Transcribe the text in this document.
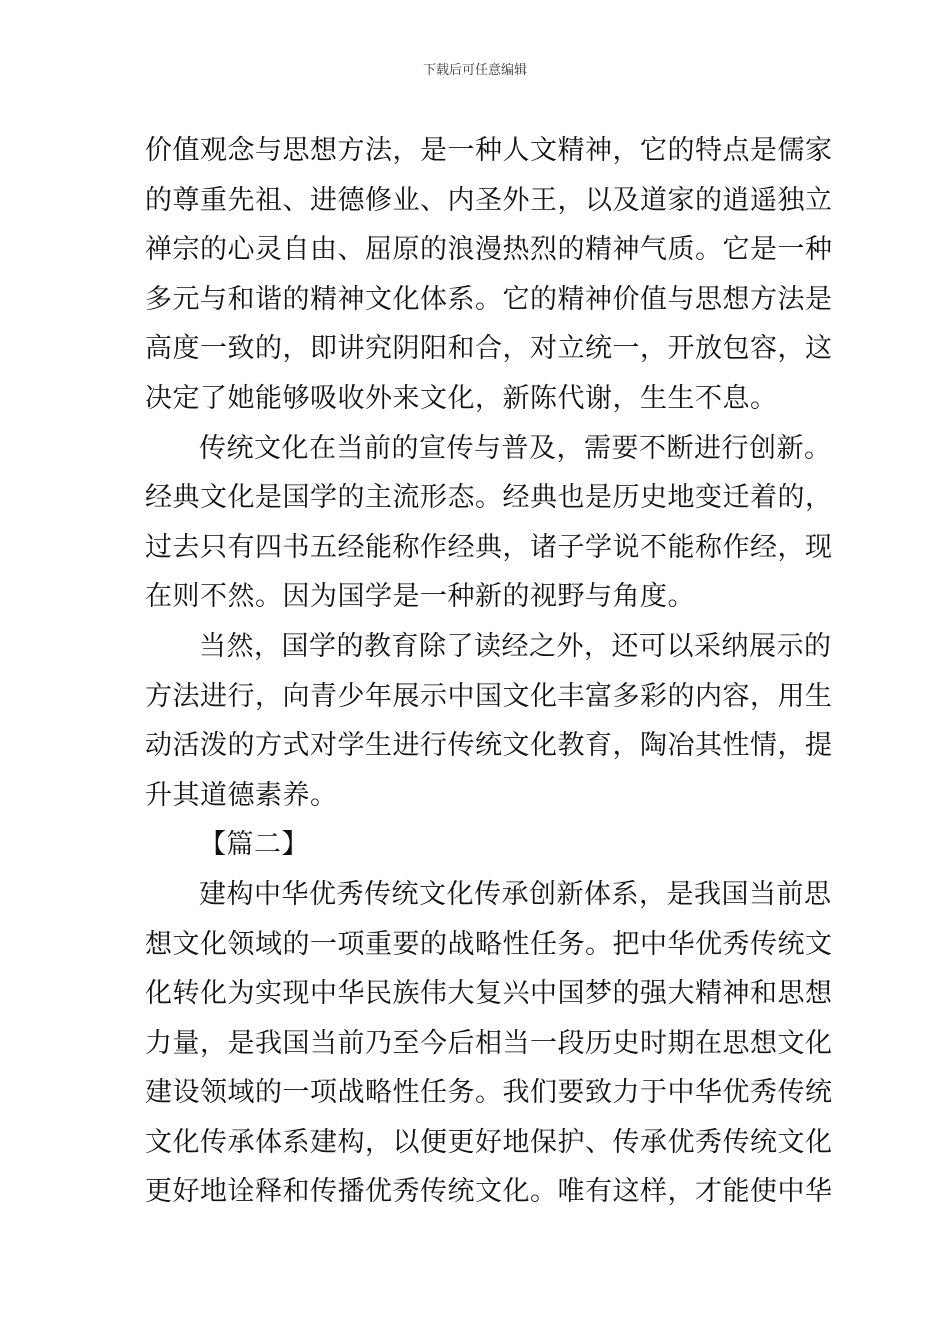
下载后可任意编辑
价值观念与思想方法，是一种人文精神，它的特点是儒家
的尊重先祖、进德修业、内圣外王，以及道家的逍遥独立
禅宗的心灵自由、屈原的浪漫热烈的精神气质。它是一种
多元与和谐的精神文化体系。它的精神价值与思想方法是
高度一致的，即讲究阴阳和合，对立统一，开放包容，这
决定了她能够吸收外来文化，新陈代谢，生生不息。
传统文化在当前的宣传与普及，需要不断进行创新。
经典文化是国学的主流形态。经典也是历史地变迁着的，
过去只有四书五经能称作经典，诸子学说不能称作经，现
在则不然。因为国学是一种新的视野与角度。
当然，国学的教育除了读经之外，还可以采纳展示的
方法进行，向青少年展示中国文化丰富多彩的内容，用生
动活泼的方式对学生进行传统文化教育，陶冶其性情，提
升其道德素养。
【篇二】
建构中华优秀传统文化传承创新体系，是我国当前思
想文化领域的一项重要的战略性任务。把中华优秀传统文
化转化为实现中华民族伟大复兴中国梦的强大精神和思想
力量，是我国当前乃至今后相当一段历史时期在思想文化
建设领域的一项战略性任务。我们要致力于中华优秀传统
文化传承体系建构，以便更好地保护、传承优秀传统文化
更好地诠释和传播优秀传统文化。唯有这样，才能使中华
